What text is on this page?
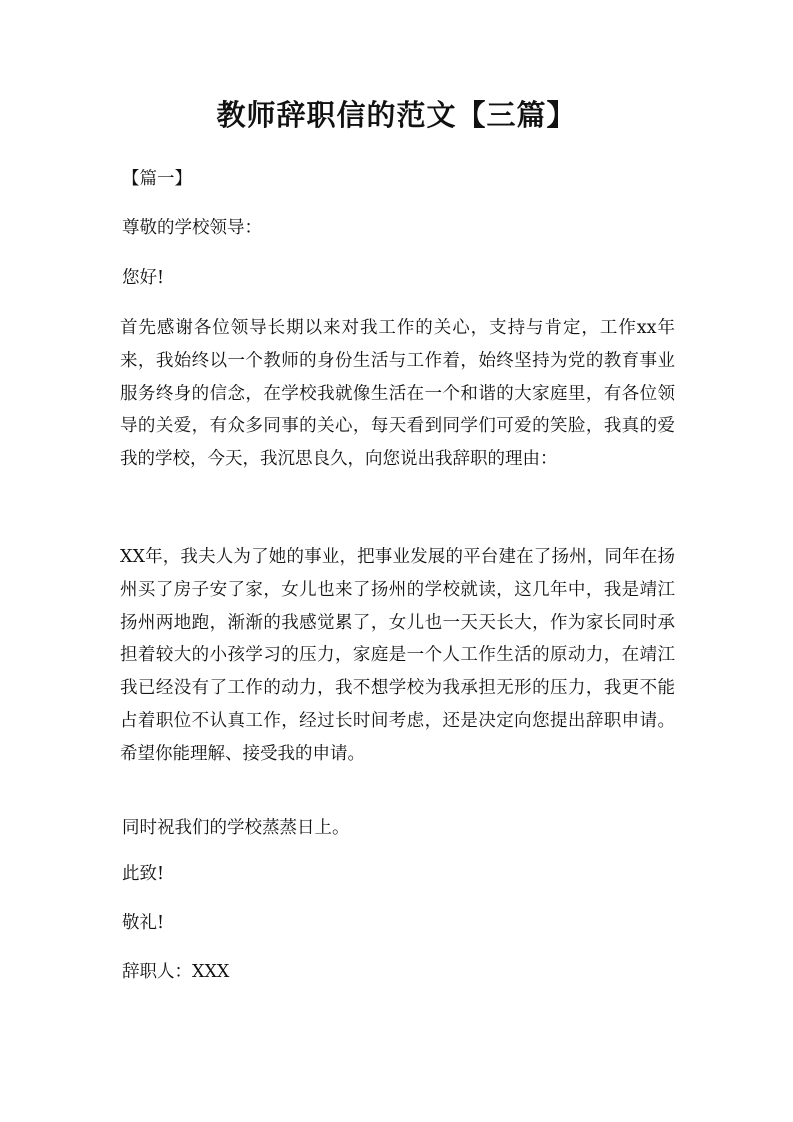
教师辞职信的范文【三篇】
【篇一】
尊敬的学校领导：
您好!
首先感谢各位领导长期以来对我工作的关心，支持与肯定，工作xx年来，我始终以一个教师的身份生活与工作着，始终坚持为党的教育事业服务终身的信念，在学校我就像生活在一个和谐的大家庭里，有各位领导的关爱，有众多同事的关心，每天看到同学们可爱的笑脸，我真的爱我的学校，今天，我沉思良久，向您说出我辞职的理由：
XX年，我夫人为了她的事业，把事业发展的平台建在了扬州，同年在扬州买了房子安了家，女儿也来了扬州的学校就读，这几年中，我是靖江扬州两地跑，渐渐的我感觉累了，女儿也一天天长大，作为家长同时承担着较大的小孩学习的压力，家庭是一个人工作生活的原动力，在靖江我已经没有了工作的动力，我不想学校为我承担无形的压力，我更不能占着职位不认真工作，经过长时间考虑，还是决定向您提出辞职申请。希望你能理解、接受我的申请。
同时祝我们的学校蒸蒸日上。
此致!
敬礼!
辞职人：XXX
